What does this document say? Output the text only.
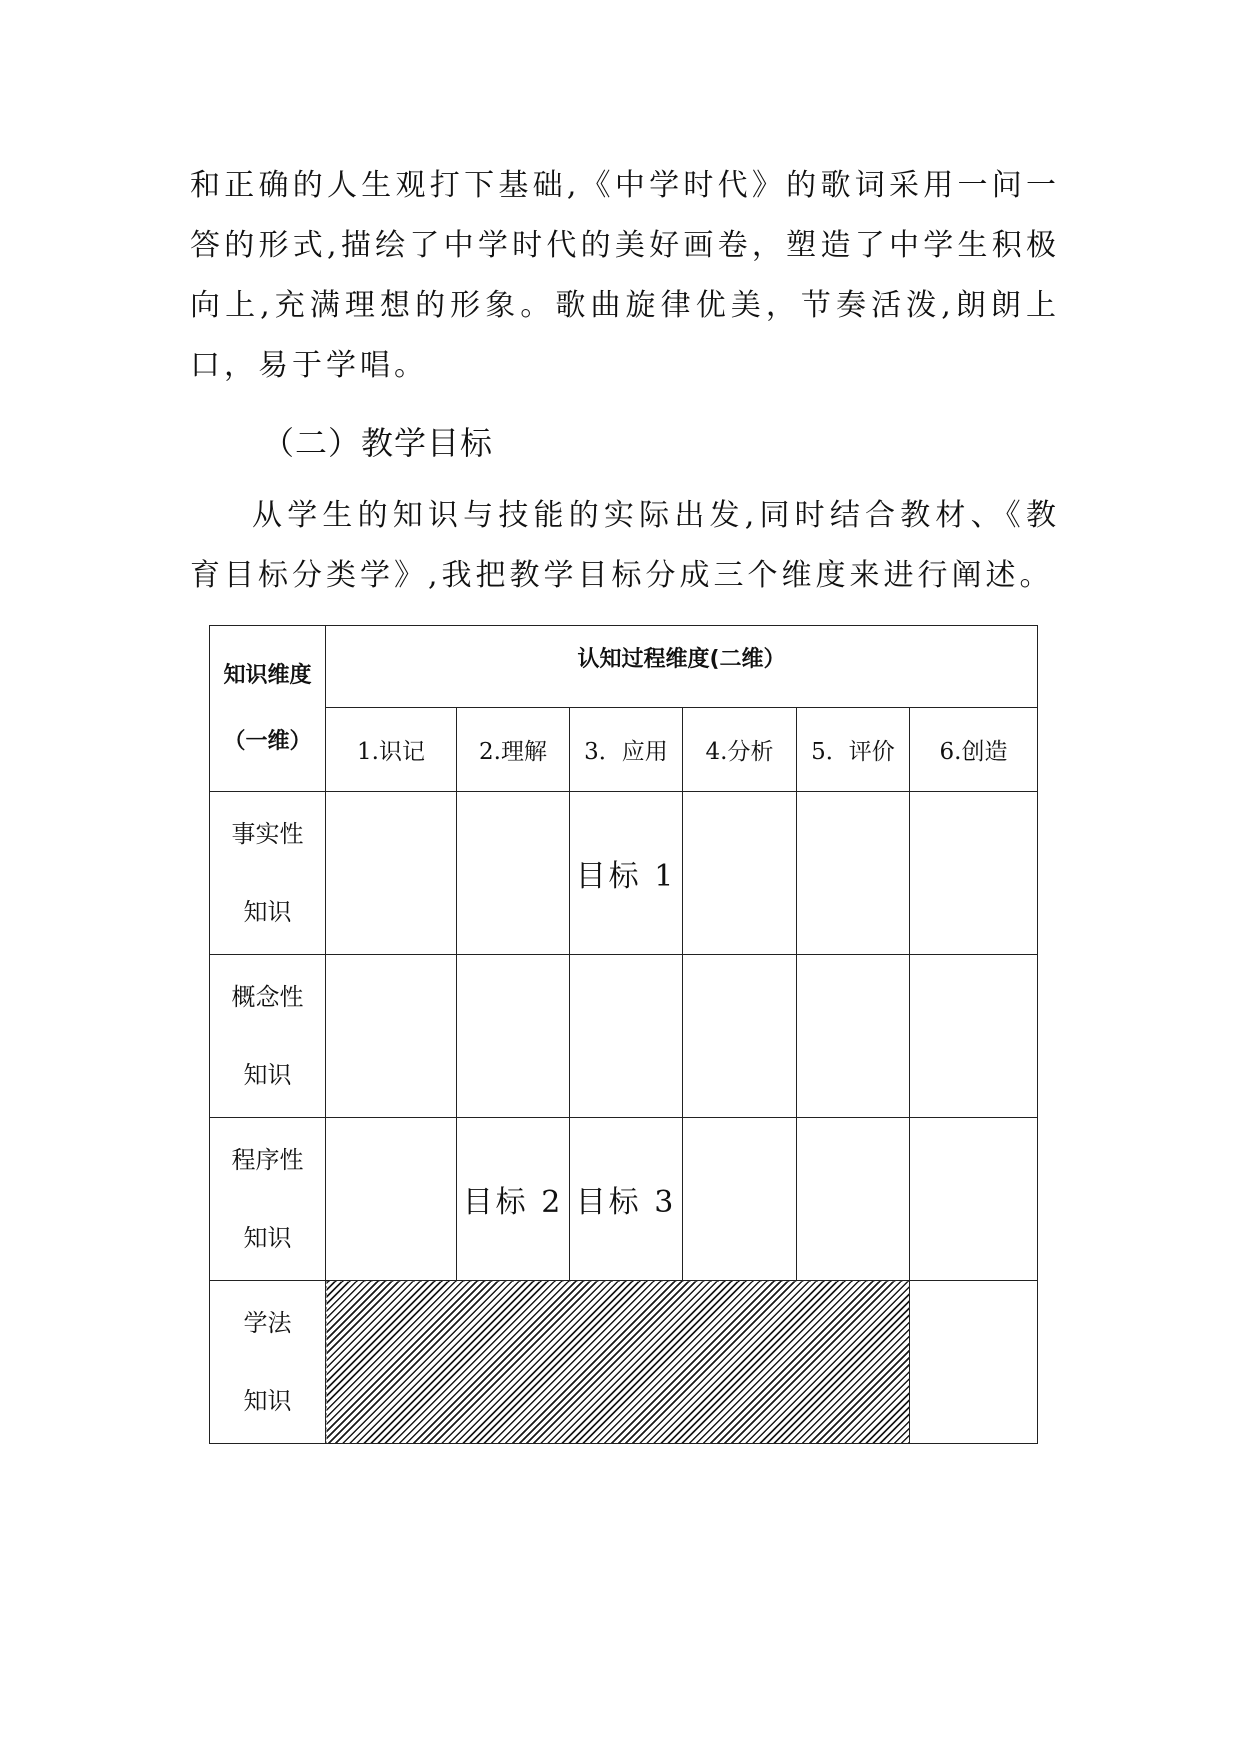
和正确的人生观打下基础,《中学时代》的歌词采用一问一答的形式,描绘了中学时代的美好画卷，塑造了中学生积极向上,充满理想的形象。歌曲旋律优美，节奏活泼,朗朗上口，易于学唱。

（二）教学目标

从学生的知识与技能的实际出发,同时结合教材、《教育目标分类学》,我把教学目标分成三个维度来进行阐述。

知识维度
（一维）	认知过程维度(二维）					
	1.识记	2.理解	3．应用	4.分析	5．评价	6.创造

事实性
知识			目标 1			

概念性
知识						

程序性
知识		目标 2	目标 3			

学法
知识						
